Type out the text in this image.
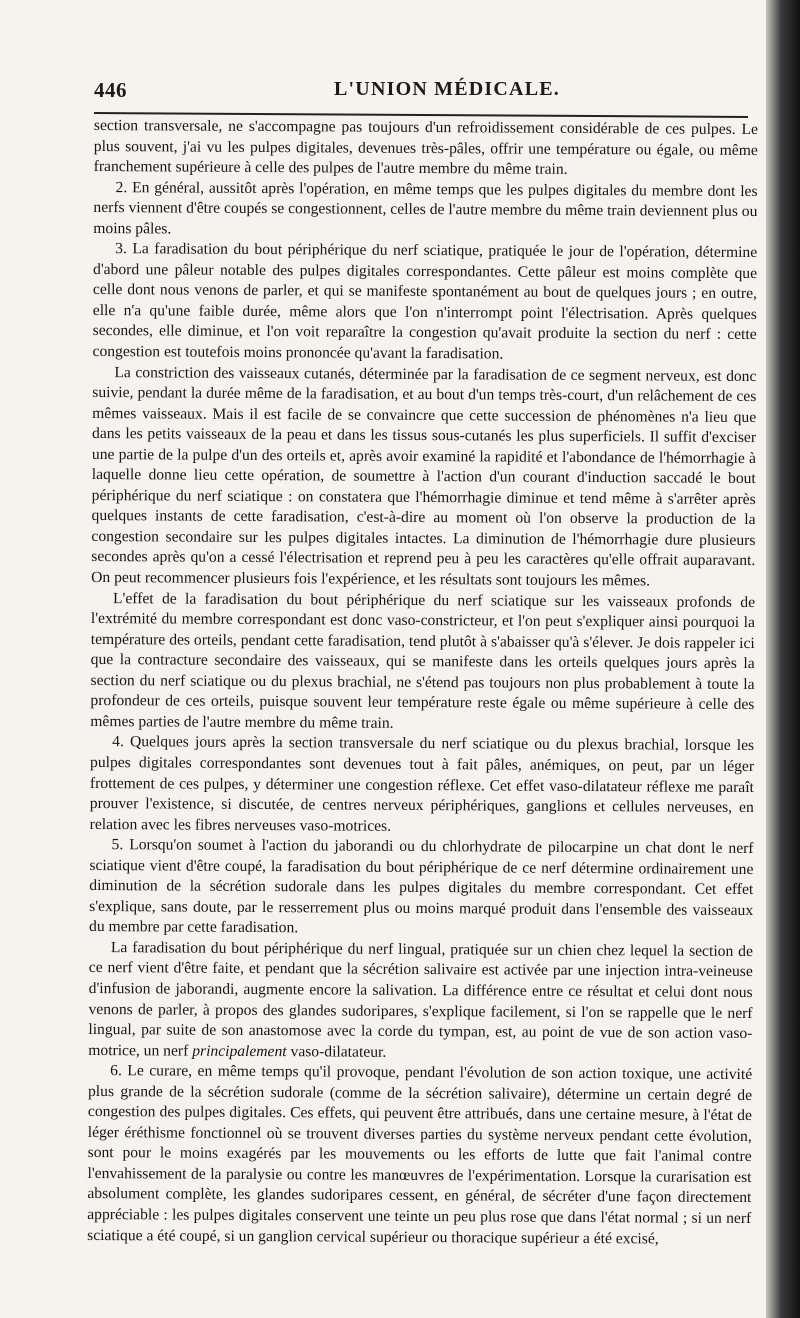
446	L'UNION MÉDICALE.

section transversale, ne s'accompagne pas toujours d'un refroidissement considérable de ces pulpes. Le plus souvent, j'ai vu les pulpes digitales, devenues très-pâles, offrir une température ou égale, ou même franchement supérieure à celle des pulpes de l'autre membre du même train.

2. En général, aussitôt après l'opération, en même temps que les pulpes digitales du membre dont les nerfs viennent d'être coupés se congestionnent, celles de l'autre membre du même train deviennent plus ou moins pâles.

3. La faradisation du bout périphérique du nerf sciatique, pratiquée le jour de l'opération, détermine d'abord une pâleur notable des pulpes digitales correspondantes. Cette pâleur est moins complète que celle dont nous venons de parler, et qui se manifeste spontanément au bout de quelques jours ; en outre, elle n'a qu'une faible durée, même alors que l'on n'interrompt point l'électrisation. Après quelques secondes, elle diminue, et l'on voit reparaître la congestion qu'avait produite la section du nerf : cette congestion est toutefois moins prononcée qu'avant la faradisation.

La constriction des vaisseaux cutanés, déterminée par la faradisation de ce segment nerveux, est donc suivie, pendant la durée même de la faradisation, et au bout d'un temps très-court, d'un relâchement de ces mêmes vaisseaux. Mais il est facile de se convaincre que cette succession de phénomènes n'a lieu que dans les petits vaisseaux de la peau et dans les tissus sous-cutanés les plus superficiels. Il suffit d'exciser une partie de la pulpe d'un des orteils et, après avoir examiné la rapidité et l'abondance de l'hémorrhagie à laquelle donne lieu cette opération, de soumettre à l'action d'un courant d'induction saccadé le bout périphérique du nerf sciatique : on constatera que l'hémorrhagie diminue et tend même à s'arrêter après quelques instants de cette faradisation, c'est-à-dire au moment où l'on observe la production de la congestion secondaire sur les pulpes digitales intactes. La diminution de l'hémorrhagie dure plusieurs secondes après qu'on a cessé l'électrisation et reprend peu à peu les caractères qu'elle offrait auparavant. On peut recommencer plusieurs fois l'expérience, et les résultats sont toujours les mêmes.

L'effet de la faradisation du bout périphérique du nerf sciatique sur les vaisseaux profonds de l'extrémité du membre correspondant est donc vaso-constricteur, et l'on peut s'expliquer ainsi pourquoi la température des orteils, pendant cette faradisation, tend plutôt à s'abaisser qu'à s'élever. Je dois rappeler ici que la contracture secondaire des vaisseaux, qui se manifeste dans les orteils quelques jours après la section du nerf sciatique ou du plexus brachial, ne s'étend pas toujours non plus probablement à toute la profondeur de ces orteils, puisque souvent leur température reste égale ou même supérieure à celle des mêmes parties de l'autre membre du même train.

4. Quelques jours après la section transversale du nerf sciatique ou du plexus brachial, lorsque les pulpes digitales correspondantes sont devenues tout à fait pâles, anémiques, on peut, par un léger frottement de ces pulpes, y déterminer une congestion réflexe. Cet effet vaso-dilatateur réflexe me paraît prouver l'existence, si discutée, de centres nerveux périphériques, ganglions et cellules nerveuses, en relation avec les fibres nerveuses vaso-motrices.

5. Lorsqu'on soumet à l'action du jaborandi ou du chlorhydrate de pilocarpine un chat dont le nerf sciatique vient d'être coupé, la faradisation du bout périphérique de ce nerf détermine ordinairement une diminution de la sécrétion sudorale dans les pulpes digitales du membre correspondant. Cet effet s'explique, sans doute, par le resserrement plus ou moins marqué produit dans l'ensemble des vaisseaux du membre par cette faradisation.

La faradisation du bout périphérique du nerf lingual, pratiquée sur un chien chez lequel la section de ce nerf vient d'être faite, et pendant que la sécrétion salivaire est activée par une injection intra-veineuse d'infusion de jaborandi, augmente encore la salivation. La différence entre ce résultat et celui dont nous venons de parler, à propos des glandes sudoripares, s'explique facilement, si l'on se rappelle que le nerf lingual, par suite de son anastomose avec la corde du tympan, est, au point de vue de son action vaso-motrice, un nerf principalement vaso-dilatateur.

6. Le curare, en même temps qu'il provoque, pendant l'évolution de son action toxique, une activité plus grande de la sécrétion sudorale (comme de la sécrétion salivaire), détermine un certain degré de congestion des pulpes digitales. Ces effets, qui peuvent être attribués, dans une certaine mesure, à l'état de léger éréthisme fonctionnel où se trouvent diverses parties du système nerveux pendant cette évolution, sont pour le moins exagérés par les mouvements ou les efforts de lutte que fait l'animal contre l'envahissement de la paralysie ou contre les manœuvres de l'expérimentation. Lorsque la curarisation est absolument complète, les glandes sudoripares cessent, en général, de sécréter d'une façon directement appréciable : les pulpes digitales conservent une teinte un peu plus rose que dans l'état normal ; si un nerf sciatique a été coupé, si un ganglion cervical supérieur ou thoracique supérieur a été excisé,
